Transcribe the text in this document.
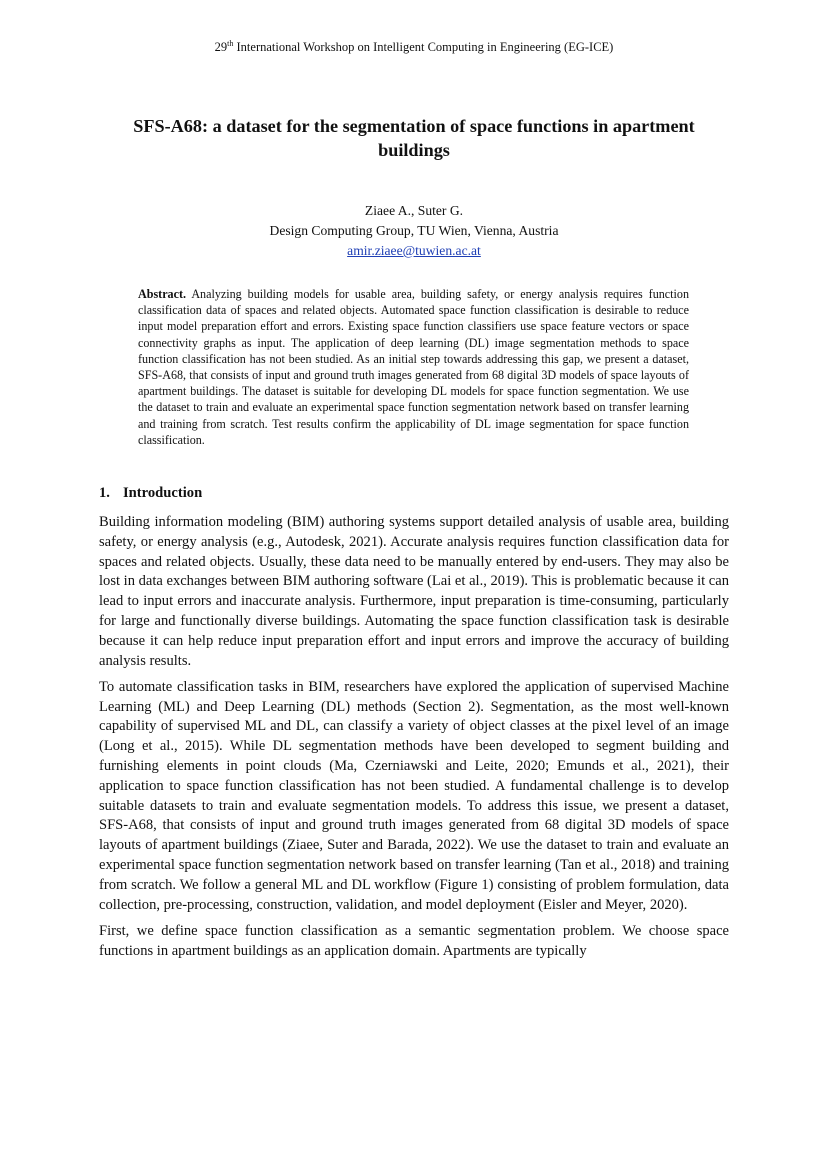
29th International Workshop on Intelligent Computing in Engineering (EG-ICE)
SFS-A68: a dataset for the segmentation of space functions in apartment buildings
Ziaee A., Suter G.
Design Computing Group, TU Wien, Vienna, Austria
amir.ziaee@tuwien.ac.at
Abstract. Analyzing building models for usable area, building safety, or energy analysis requires function classification data of spaces and related objects. Automated space function classification is desirable to reduce input model preparation effort and errors. Existing space function classifiers use space feature vectors or space connectivity graphs as input. The application of deep learning (DL) image segmentation methods to space function classification has not been studied. As an initial step towards addressing this gap, we present a dataset, SFS-A68, that consists of input and ground truth images generated from 68 digital 3D models of space layouts of apartment buildings. The dataset is suitable for developing DL models for space function segmentation. We use the dataset to train and evaluate an experimental space function segmentation network based on transfer learning and training from scratch. Test results confirm the applicability of DL image segmentation for space function classification.
1. Introduction

Building information modeling (BIM) authoring systems support detailed analysis of usable area, building safety, or energy analysis (e.g., Autodesk, 2021). Accurate analysis requires function classification data for spaces and related objects. Usually, these data need to be manually entered by end-users. They may also be lost in data exchanges between BIM authoring software (Lai et al., 2019). This is problematic because it can lead to input errors and inaccurate analysis. Furthermore, input preparation is time-consuming, particularly for large and functionally diverse buildings. Automating the space function classification task is desirable because it can help reduce input preparation effort and input errors and improve the accuracy of building analysis results.

To automate classification tasks in BIM, researchers have explored the application of supervised Machine Learning (ML) and Deep Learning (DL) methods (Section 2). Segmentation, as the most well-known capability of supervised ML and DL, can classify a variety of object classes at the pixel level of an image (Long et al., 2015). While DL segmentation methods have been developed to segment building and furnishing elements in point clouds (Ma, Czerniawski and Leite, 2020; Emunds et al., 2021), their application to space function classification has not been studied. A fundamental challenge is to develop suitable datasets to train and evaluate segmentation models. To address this issue, we present a dataset, SFS-A68, that consists of input and ground truth images generated from 68 digital 3D models of space layouts of apartment buildings (Ziaee, Suter and Barada, 2022). We use the dataset to train and evaluate an experimental space function segmentation network based on transfer learning (Tan et al., 2018) and training from scratch. We follow a general ML and DL workflow (Figure 1) consisting of problem formulation, data collection, pre-processing, construction, validation, and model deployment (Eisler and Meyer, 2020).

First, we define space function classification as a semantic segmentation problem. We choose space functions in apartment buildings as an application domain. Apartments are typically
